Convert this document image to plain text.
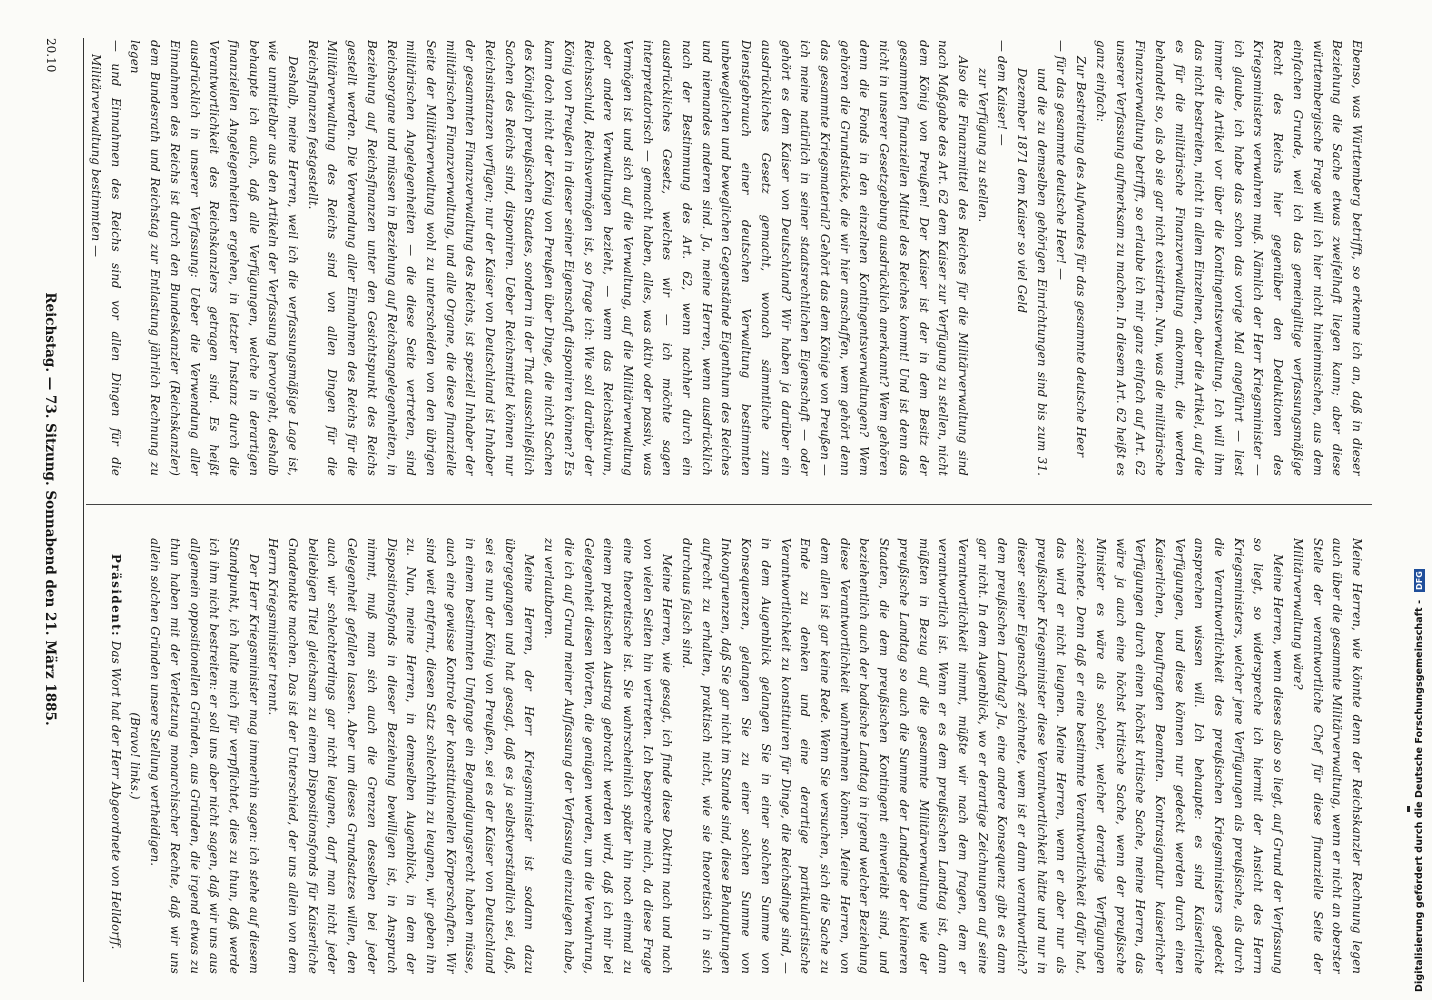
20.10
Reichstag. — 73. Sitzung. Sonnabend den 21. März 1885.

Ebenso, was Württemberg betrifft, so erkenne ich an, daß in dieser Beziehung die Sache etwas zweifelhaft liegen kann; aber diese württembergische Frage will ich hier nicht hineinmischen, aus dem einfachen Grunde, weil ich das gemeingiltige verfassungsmäßige Recht des Reichs hier gegenüber den Deduktionen des Kriegsministers verwahren muß. Nämlich der Herr Kriegsminister — ich glaube, ich habe das schon das vorige Mal angeführt — liest immer die Artikel vor über die Kontingentsverwaltung. Ich will ihm das nicht bestreiten, nicht in allem Einzelnen, aber die Artikel, auf die es für die militärische Finanzverwaltung ankommt, die werden behandelt so, als ob sie gar nicht existirten. Nun, was die militärische Finanzverwaltung betrifft, so erlaube ich mir ganz einfach auf Art. 62 unserer Verfassung aufmerksam zu machen. In diesem Art. 62 heißt es ganz einfach:

Zur Bestreitung des Aufwandes für das gesammte deutsche Heer

— für das gesammte deutsche Heer! —

und die zu demselben gehörigen Einrichtungen sind bis zum 31. Dezember 1871 dem Kaiser so viel Geld

— dem Kaiser! —

zur Verfügung zu stellen.

Also die Finanzmittel des Reiches für die Militärverwaltung sind nach Maßgabe des Art. 62 dem Kaiser zur Verfügung zu stellen, nicht dem König von Preußen! Der Kaiser ist der in dem Besitz der gesammten finanziellen Mittel des Reiches kommt! Und ist denn das nicht in unserer Gesetzgebung ausdrücklich anerkannt? Wem gehören denn die Fonds in den einzelnen Kontingentsverwaltungen? Wem gehören die Grundstücke, die wir hier anschaffen, wem gehört denn das gesammte Kriegsmaterial? Gehört das dem Könige von Preußen — ich meine natürlich in seiner staatsrechtlichen Eigenschaft — oder gehört es dem Kaiser von Deutschland? Wir haben ja darüber ein ausdrückliches Gesetz gemacht, wonach sämmtliche zum Dienstgebrauch einer deutschen Verwaltung bestimmten unbeweglichen und beweglichen Gegenstände Eigenthum des Reiches und niemandes anderen sind. Ja, meine Herren, wenn ausdrücklich nach der Bestimmung des Art. 62, wenn nachher durch ein ausdrückliches Gesetz, welches wir — ich möchte sagen interpretatorisch — gemacht haben, alles, was aktiv oder passiv, was Vermögen ist und sich auf die Verwaltung, auf die Militärverwaltung oder andere Verwaltungen bezieht, — wenn das Reichsaktivum, Reichsschuld, Reichsvermögen ist, so frage ich: Wie soll darüber der König von Preußen in dieser seiner Eigenschaft disponiren können? Es kann doch nicht der König von Preußen über Dinge, die nicht Sachen des Königlich preußischen Staates, sondern in der That ausschließlich Sachen des Reichs sind, disponiren. Ueber Reichsmittel können nur Reichsinstanzen verfügen; nur der Kaiser von Deutschland ist Inhaber der gesammten Finanzverwaltung des Reichs, ist speziell Inhaber der militärischen Finanzverwaltung, und alle Organe, die diese finanzielle Seite der Militärverwaltung wohl zu unterscheiden von den übrigen militärischen Angelegenheiten — die diese Seite vertreten, sind Reichsorgane und müssen in Beziehung auf Reichsangelegenheiten, in Beziehung auf Reichsfinanzen unter den Gesichtspunkt des Reichs gestellt werden. Die Verwendung aller Einnahmen des Reichs für die Militärverwaltung des Reichs sind von allen Dingen für die Reichsfinanzen festgestellt.

Deshalb, meine Herren, weil ich die verfassungsmäßige Lage ist, wie unmittelbar aus den Artikeln der Verfassung hervorgeht, deshalb behaupte ich auch, daß alle Verfügungen, welche in derartigen finanziellen Angelegenheiten ergehen, in letzter Instanz durch die Verantwortlichkeit des Reichskanzlers getragen sind. Es heißt ausdrücklich in unserer Verfassung: Ueber die Verwendung aller Einnahmen des Reichs ist durch den Bundeskanzler (Reichskanzler) dem Bundesrath und Reichstag zur Entlastung jährlich Rechnung zu legen

— und Einnahmen des Reichs sind vor allen Dingen für die Militärverwaltung bestimmten —

Meine Herren, wie könnte denn der Reichskanzler Rechnung legen auch über die gesammte Militärverwaltung, wenn er nicht an oberster Stelle der verantwortliche Chef für diese finanzielle Seite der Militärverwaltung wäre?

Meine Herren, wenn dieses also so liegt, auf Grund der Verfassung so liegt, so widerspreche ich hiermit der Ansicht des Herrn Kriegsministers, welcher jene Verfügungen als preußische, als durch die Verantwortlichkeit des preußischen Kriegsministers gedeckt ansprechen wissen will. Ich behaupte: es sind Kaiserliche Verfügungen, und diese können nur gedeckt werden durch einen Kaiserlichen, beauftragten Beamten. Kontrasignatur kaiserlicher Verfügungen durch einen höchst kritische Sache, meine Herren, das wäre ja auch eine höchst kritische Sache, wenn der preußische Minister es wäre als solcher, welcher derartige Verfügungen zeichnete. Denn daß er eine bestimmte Verantwortlichkeit dafür hat, das wird er nicht leugnen. Meine Herren, wenn er aber nur als preußischer Kriegsminister diese Verantwortlichkeit hätte und nur in dieser seiner Eigenschaft zeichnete, wem ist er dann verantwortlich? dem preußischen Landtag? Ja, eine andere Konsequenz gibt es dann gar nicht. In dem Augenblick, wo er derartige Zeichnungen auf seine Verantwortlichkeit nimmt, müßte wir nach dem fragen, dem er verantwortlich ist. Wenn er es dem preußischen Landtag ist, dann müßten in Bezug auf die gesammte Militärverwaltung wie der preußische Landtag so auch die Summe der Landtage der kleineren Staaten, die dem preußischen Kontingent einverleibt sind, und beziehentlich auch der badische Landtag in irgend welcher Beziehung diese Verantwortlichkeit wahrnehmen können. Meine Herren, von dem allen ist gar keine Rede. Wenn Sie versuchen, sich die Sache zu Ende zu denken und eine derartige partikularistische Verantwortlichkeit zu konstituiren für Dinge, die Reichsdinge sind, — in dem Augenblick gelangen Sie in einer solchen Summe von Konsequenzen, gelangen Sie zu einer solchen Summe von Inkongruenzen, daß Sie gar nicht im Stande sind, diese Behauptungen aufrecht zu erhalten, praktisch nicht, wie sie theoretisch in sich durchaus falsch sind.

Meine Herren, wie gesagt, ich finde diese Doktrin nach und nach von vielen Seiten hin vertreten. Ich bespreche mich, da diese Frage eine theoretische ist. Sie wahrscheinlich später hin noch einmal zu einem praktischen Austrag gebracht werden wird, daß ich mir bei Gelegenheit diesen Worten, die genügen werden, um die Verwahrung, die ich auf Grund meiner Auffassung der Verfassung einzulegen habe, zu verlautbaren.

Meine Herren, der Herr Kriegsminister ist sodann dazu übergegangen und hat gesagt, daß es ja selbstverständlich sei, daß, sei es nun der König von Preußen, sei es der Kaiser von Deutschland in einem bestimmten Umfange ein Begnadigungsrecht haben müsse, auch eine gewisse Kontrole der konstitutionellen Körperschaften. Wir sind weit entfernt, diesen Satz schlechthin zu leugnen, wir geben ihn zu. Nun, meine Herren, in demselben Augenblick, in dem der Dispositionsfonds in dieser Beziehung bewilligen ist, in Anspruch nimmt, muß man sich auch die Grenzen desselben bei jeder Gelegenheit gefallen lassen. Aber um dieses Grundsatzes willen, den auch wir schlechterdings gar nicht leugnen, darf man nicht jeder beliebigen Titel gleichsam zu einem Dispositionsfonds für Kaiserliche Gnadenakte machen. Das ist der Unterschied, der uns allein von dem Herrn Kriegsminister trennt.

Der Herr Kriegsminister mag immerhin sagen: ich stehe auf diesem Standpunkt, ich halte mich für verpflichtet, dies zu thun, daß werde ich ihm nicht bestreiten: er soll uns aber nicht sagen, daß wir uns aus allgemein oppositionellen Gründen, aus Gründen, die irgend etwas zu thun haben mit der Verletzung monarchischer Rechte, daß wir uns allein solchen Gründen unsere Stellung vertheidigen.

(Bravo! links.)

Präsident: Das Wort hat der Herr Abgeordnete von Helldorff.	Digitalisierung gefördert durch die Deutsche Forschungsgemeinschaft - DFG
